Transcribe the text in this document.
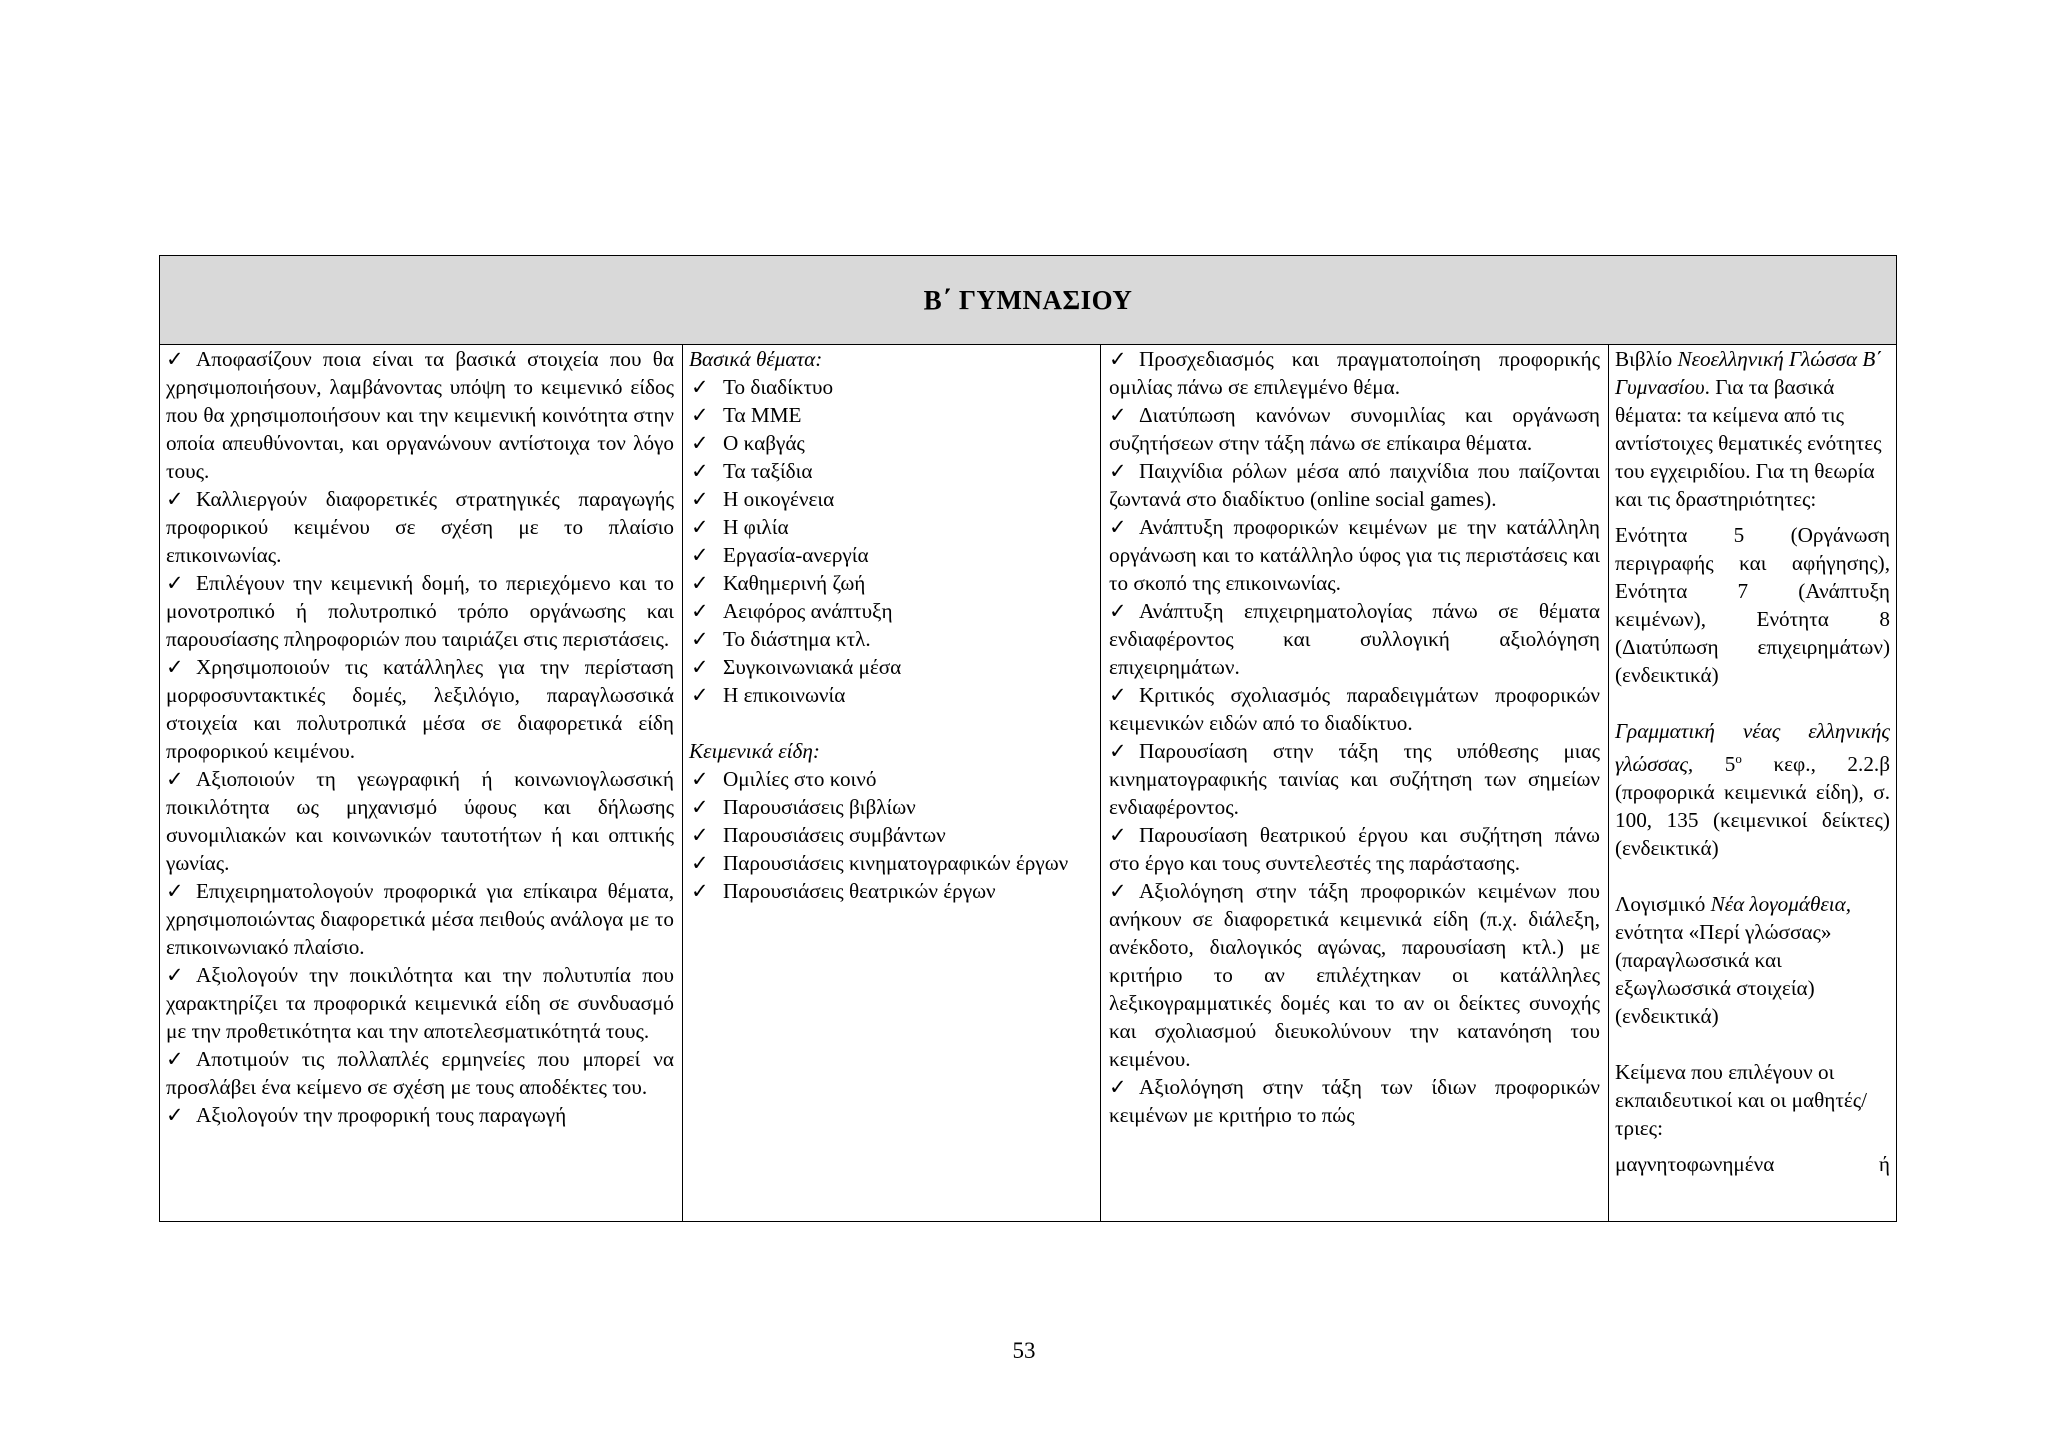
Β΄ ΓΥΜΝΑΣΙΟΥ

✓ Αποφασίζουν ποια είναι τα βασικά στοιχεία που θα χρησιμοποιήσουν, λαμβάνοντας υπόψη το κειμενικό είδος που θα χρησιμοποιήσουν και την κειμενική κοινότητα στην οποία απευθύνονται, και οργανώνουν αντίστοιχα τον λόγο τους.
✓ Καλλιεργούν διαφορετικές στρατηγικές παραγωγής προφορικού κειμένου σε σχέση με το πλαίσιο επικοινωνίας.
✓ Επιλέγουν την κειμενική δομή, το περιεχόμενο και το μονοτροπικό ή πολυτροπικό τρόπο οργάνωσης και παρουσίασης πληροφοριών που ταιριάζει στις περιστάσεις.
✓ Χρησιμοποιούν τις κατάλληλες για την περίσταση μορφοσυντακτικές δομές, λεξιλόγιο, παραγλωσσικά στοιχεία και πολυτροπικά μέσα σε διαφορετικά είδη προφορικού κειμένου.
✓ Αξιοποιούν τη γεωγραφική ή κοινωνιογλωσσική ποικιλότητα ως μηχανισμό ύφους και δήλωσης συνομιλιακών και κοινωνικών ταυτοτήτων ή και οπτικής γωνίας.
✓ Επιχειρηματολογούν προφορικά για επίκαιρα θέματα, χρησιμοποιώντας διαφορετικά μέσα πειθούς ανάλογα με το επικοινωνιακό πλαίσιο.
✓ Αξιολογούν την ποικιλότητα και την πολυτυπία που χαρακτηρίζει τα προφορικά κειμενικά είδη σε συνδυασμό με την προθετικότητα και την αποτελεσματικότητά τους.
✓ Αποτιμούν τις πολλαπλές ερμηνείες που μπορεί να προσλάβει ένα κείμενο σε σχέση με τους αποδέκτες του.
✓ Αξιολογούν την προφορική τους παραγωγή

Βασικά θέματα:
✓ Το διαδίκτυο
✓ Τα ΜΜΕ
✓ Ο καβγάς
✓ Τα ταξίδια
✓ Η οικογένεια
✓ Η φιλία
✓ Εργασία-ανεργία
✓ Καθημερινή ζωή
✓ Αειφόρος ανάπτυξη
✓ Το διάστημα κτλ.
✓ Συγκοινωνιακά μέσα
✓ Η επικοινωνία
Κειμενικά είδη:
✓ Ομιλίες στο κοινό
✓ Παρουσιάσεις βιβλίων
✓ Παρουσιάσεις συμβάντων
✓ Παρουσιάσεις κινηματογραφικών έργων
✓ Παρουσιάσεις θεατρικών έργων

✓ Προσχεδιασμός και πραγματοποίηση προφορικής ομιλίας πάνω σε επιλεγμένο θέμα.
✓ Διατύπωση κανόνων συνομιλίας και οργάνωση συζητήσεων στην τάξη πάνω σε επίκαιρα θέματα.
✓ Παιχνίδια ρόλων μέσα από παιχνίδια που παίζονται ζωντανά στο διαδίκτυο (online social games).
✓ Ανάπτυξη προφορικών κειμένων με την κατάλληλη οργάνωση και το κατάλληλο ύφος για τις περιστάσεις και το σκοπό της επικοινωνίας.
✓ Ανάπτυξη επιχειρηματολογίας πάνω σε θέματα ενδιαφέροντος και συλλογική αξιολόγηση επιχειρημάτων.
✓ Κριτικός σχολιασμός παραδειγμάτων προφορικών κειμενικών ειδών από το διαδίκτυο.
✓ Παρουσίαση στην τάξη της υπόθεσης μιας κινηματογραφικής ταινίας και συζήτηση των σημείων ενδιαφέροντος.
✓ Παρουσίαση θεατρικού έργου και συζήτηση πάνω στο έργο και τους συντελεστές της παράστασης.
✓ Αξιολόγηση στην τάξη προφορικών κειμένων που ανήκουν σε διαφορετικά κειμενικά είδη (π.χ. διάλεξη, ανέκδοτο, διαλογικός αγώνας, παρουσίαση κτλ.) με κριτήριο το αν επιλέχτηκαν οι κατάλληλες λεξικογραμματικές δομές και το αν οι δείκτες συνοχής και σχολιασμού διευκολύνουν την κατανόηση του κειμένου.
✓ Αξιολόγηση στην τάξη των ίδιων προφορικών κειμένων με κριτήριο το πώς

Βιβλίο Νεοελληνική Γλώσσα Β΄ Γυμνασίου. Για τα βασικά θέματα: τα κείμενα από τις αντίστοιχες θεματικές ενότητες του εγχειριδίου. Για τη θεωρία και τις δραστηριότητες:

Ενότητα 5 (Οργάνωση περιγραφής και αφήγησης), Ενότητα 7 (Ανάπτυξη κειμένων), Ενότητα 8 (Διατύπωση επιχειρημάτων) (ενδεικτικά)

Γραμματική νέας ελληνικής γλώσσας, $5^o$ κεφ., 2.2.β (προφορικά κειμενικά είδη), σ. 100, 135 (κειμενικοί δείκτες) (ενδεικτικά)

Λογισμικό Νέα λογομάθεια, ενότητα «Περί γλώσσας» (παραγλωσσικά και εξωγλωσσικά στοιχεία) (ενδεικτικά)

Κείμενα που επιλέγουν οι εκπαιδευτικοί και οι μαθητές/τριες:

μαγνητοφωνημένα ή

53
